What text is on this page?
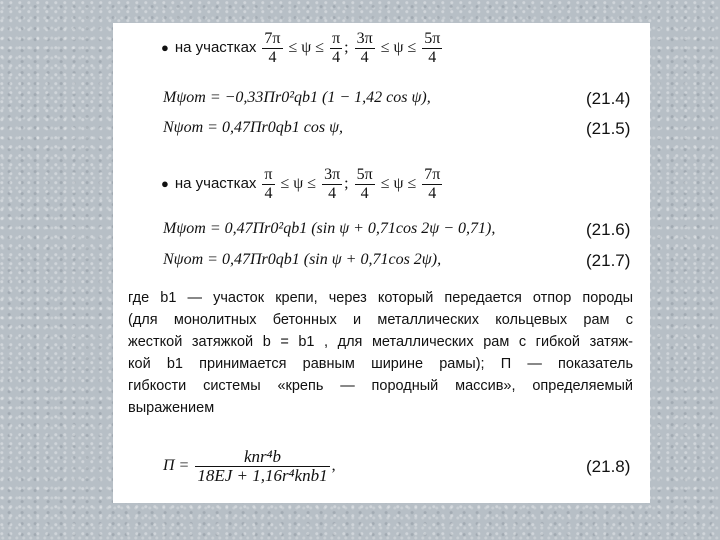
● на участках $\frac{7\pi}{4} \le \psi \le \frac{\pi}{4}$ ; $\frac{3\pi}{4} \le \psi \le \frac{5\pi}{4}$
Mψот = −0,33Пr0²qb1 (1 − 1,42 cos ψ),	(21.4)
Nψот = 0,47Пr0qb1 cos ψ,	(21.5)
● на участках $\frac{\pi}{4} \le \psi \le \frac{3\pi}{4}$ ; $\frac{5\pi}{4} \le \psi \le \frac{7\pi}{4}$
Mψот = 0,47Пr0²qb1 (sin ψ + 0,71cos 2ψ − 0,71),	(21.6)
Nψот = 0,47Пr0qb1 (sin ψ + 0,71cos 2ψ),	(21.7)
где b1 — участок крепи, через который передается отпор породы
(для монолитных бетонных и металлических кольцевых рам с
жесткой затяжкой b = b1 , для металлических рам с гибкой затяж-
кой b1 принимается равным ширине рамы); П — показатель
гибкости системы «крепь — породный массив», определяемый
выражением
$П = \frac{\text{knr⁴b}}{\text{18EJ + 1,16r⁴knb1}}$ ,	(21.8)
